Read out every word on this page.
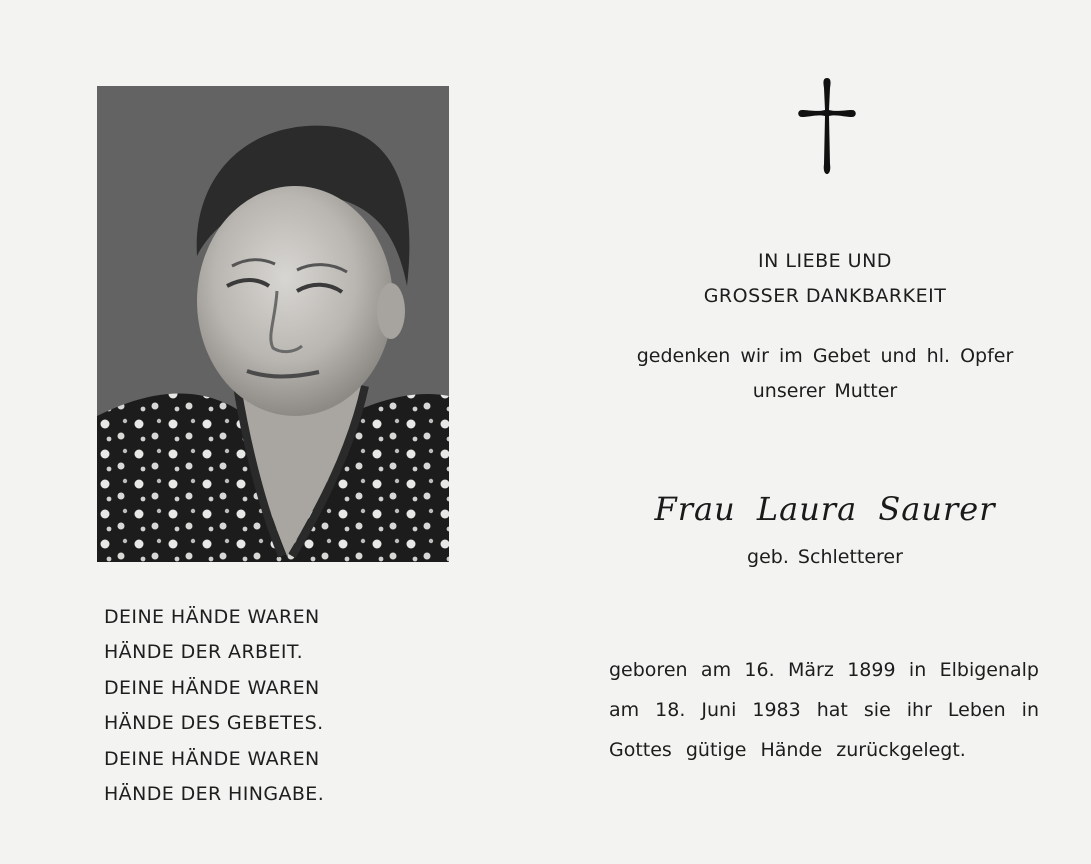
DEINE HÄNDE WAREN
HÄNDE DER ARBEIT.
DEINE HÄNDE WAREN
HÄNDE DES GEBETES.
DEINE HÄNDE WAREN
HÄNDE DER HINGABE.
IN LIEBE UND
GROSSER DANKBARKEIT
gedenken wir im Gebet und hl. Opfer
unserer Mutter
Frau Laura Saurer
geb. Schletterer
geboren am 16. März 1899 in Elbigenalp
am 18. Juni 1983 hat sie ihr Leben in
Gottes gütige Hände zurückgelegt.
